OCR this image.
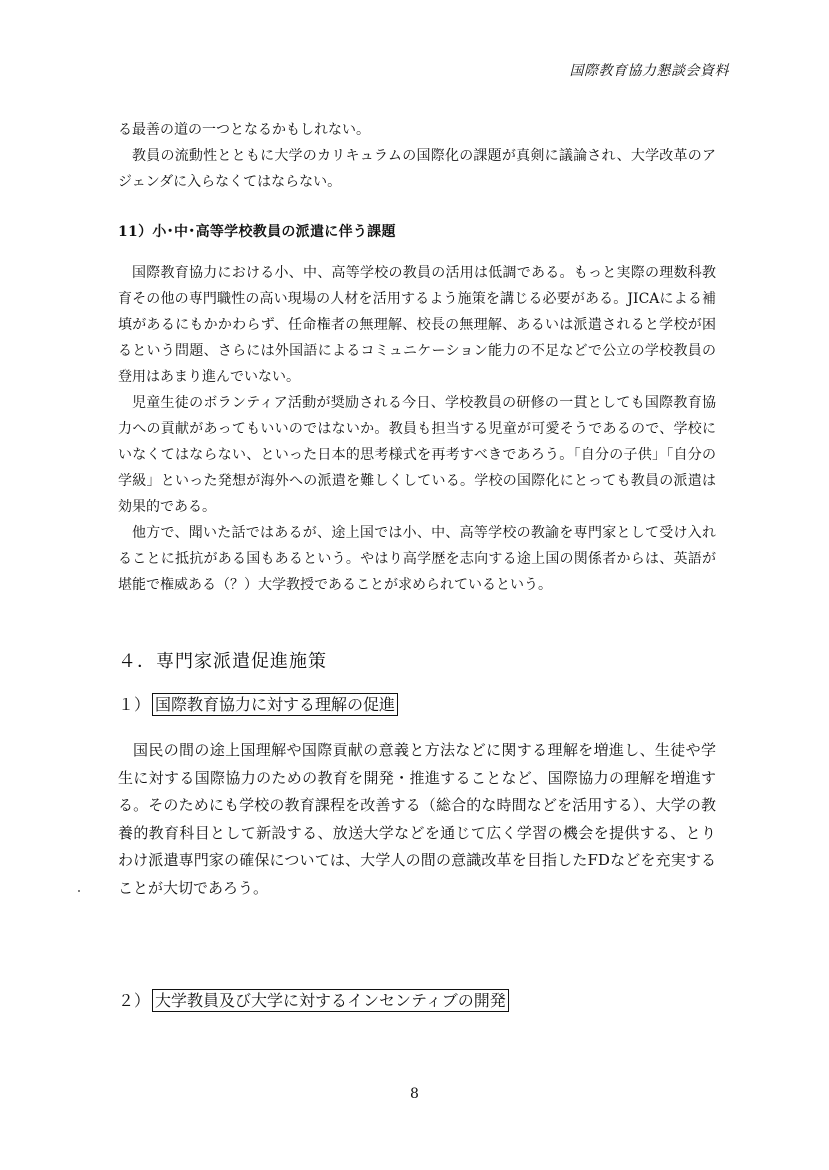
国際教育協力懇談会資料

る最善の道の一つとなるかもしれない。

教員の流動性とともに大学のカリキュラムの国際化の課題が真剣に議論され、大学改革のアジェンダに入らなくてはならない。

11）小･中･高等学校教員の派遣に伴う課題

国際教育協力における小、中、高等学校の教員の活用は低調である。もっと実際の理数科教育その他の専門職性の高い現場の人材を活用するよう施策を講じる必要がある。JICAによる補填があるにもかかわらず、任命権者の無理解、校長の無理解、あるいは派遣されると学校が困るという問題、さらには外国語によるコミュニケーション能力の不足などで公立の学校教員の登用はあまり進んでいない。

児童生徒のボランティア活動が奨励される今日、学校教員の研修の一貫としても国際教育協力への貢献があってもいいのではないか。教員も担当する児童が可愛そうであるので、学校にいなくてはならない、といった日本的思考様式を再考すべきであろう。「自分の子供」「自分の学級」といった発想が海外への派遣を難しくしている。学校の国際化にとっても教員の派遣は効果的である。

他方で、聞いた話ではあるが、途上国では小、中、高等学校の教諭を専門家として受け入れることに抵抗がある国もあるという。やはり高学歴を志向する途上国の関係者からは、英語が堪能で権威ある（？）大学教授であることが求められているという。

４．専門家派遣促進施策
１） 国際教育協力に対する理解の促進

国民の間の途上国理解や国際貢献の意義と方法などに関する理解を増進し、生徒や学生に対する国際協力のための教育を開発・推進することなど、国際協力の理解を増進する。そのためにも学校の教育課程を改善する（総合的な時間などを活用する）、大学の教養的教育科目として新設する、放送大学などを通じて広く学習の機会を提供する、とりわけ派遣専門家の確保については、大学人の間の意識改革を目指したFDなどを充実することが大切であろう。

２） 大学教員及び大学に対するインセンティブの開発
8
